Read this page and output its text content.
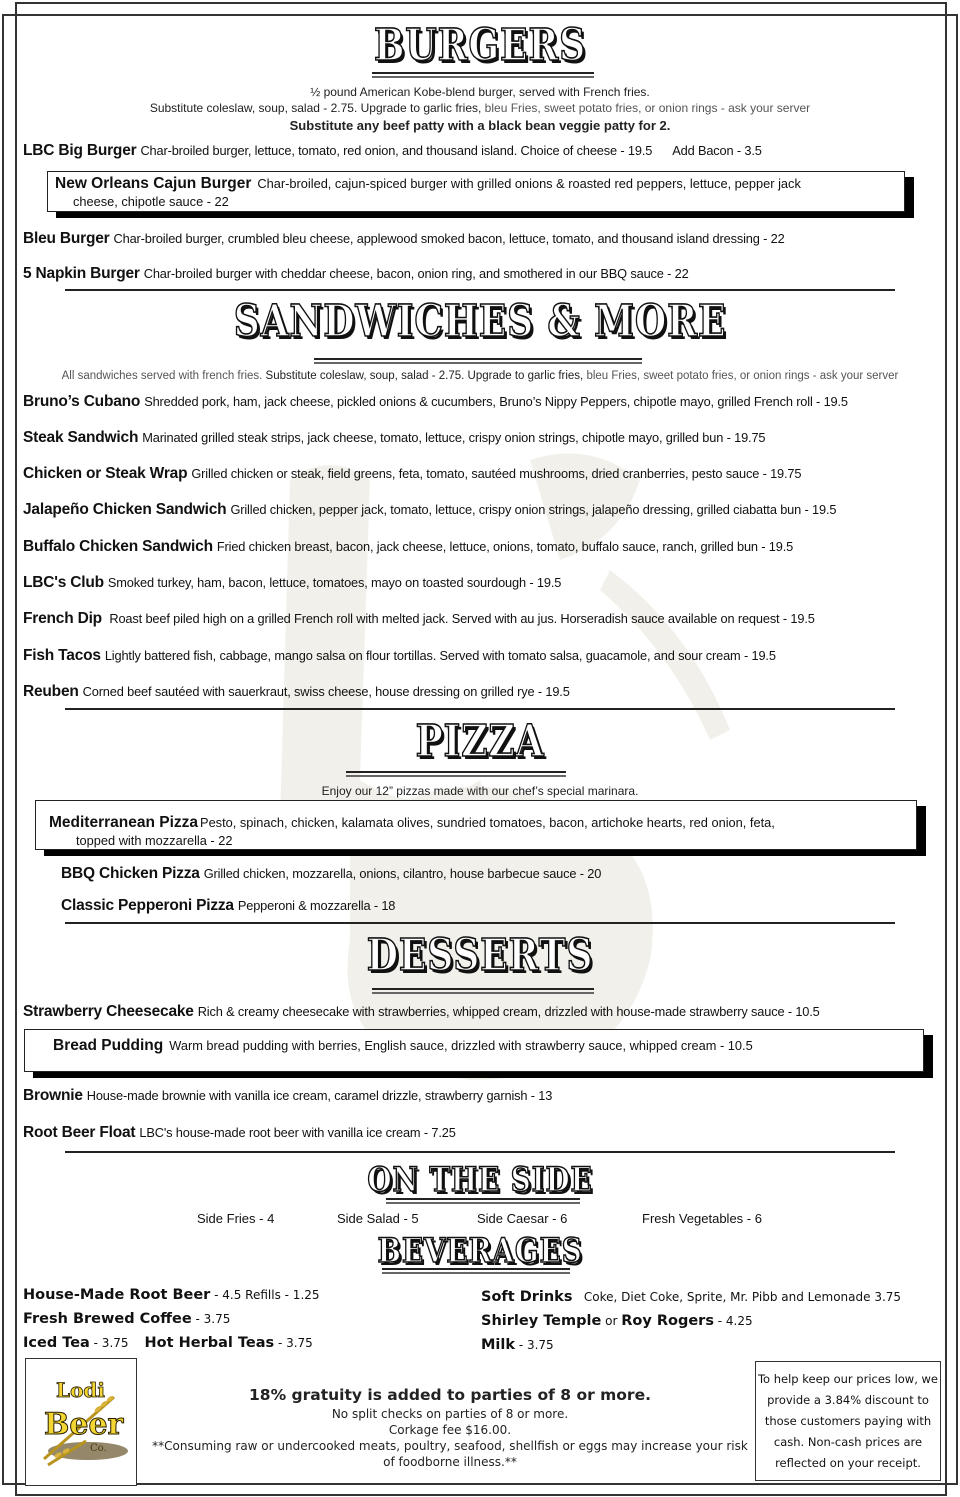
BURGERS
½ pound American Kobe-blend burger, served with French fries.
Substitute coleslaw, soup, salad - 2.75. Upgrade to garlic fries, bleu Fries, sweet potato fries, or onion rings - ask your server
Substitute any beef patty with a black bean veggie patty for 2.
LBC Big Burger Char-broiled burger, lettuce, tomato, red onion, and thousand island. Choice of cheese - 19.5 Add Bacon - 3.5
New Orleans Cajun Burger Char-broiled, cajun-spiced burger with grilled onions & roasted red peppers, lettuce, pepper jack
cheese, chipotle sauce - 22
Bleu Burger Char-broiled burger, crumbled bleu cheese, applewood smoked bacon, lettuce, tomato, and thousand island dressing - 22
5 Napkin Burger Char-broiled burger with cheddar cheese, bacon, onion ring, and smothered in our BBQ sauce - 22
SANDWICHES & MORE
All sandwiches served with french fries. Substitute coleslaw, soup, salad - 2.75. Upgrade to garlic fries, bleu Fries, sweet potato fries, or onion rings - ask your server
Bruno’s Cubano Shredded pork, ham, jack cheese, pickled onions & cucumbers, Bruno’s Nippy Peppers, chipotle mayo, grilled French roll - 19.5
Steak Sandwich Marinated grilled steak strips, jack cheese, tomato, lettuce, crispy onion strings, chipotle mayo, grilled bun - 19.75
Chicken or Steak Wrap Grilled chicken or steak, field greens, feta, tomato, sautéed mushrooms, dried cranberries, pesto sauce - 19.75
Jalapeño Chicken Sandwich Grilled chicken, pepper jack, tomato, lettuce, crispy onion strings, jalapeño dressing, grilled ciabatta bun - 19.5
Buffalo Chicken Sandwich Fried chicken breast, bacon, jack cheese, lettuce, onions, tomato, buffalo sauce, ranch, grilled bun - 19.5
LBC's Club Smoked turkey, ham, bacon, lettuce, tomatoes, mayo on toasted sourdough - 19.5
French Dip Roast beef piled high on a grilled French roll with melted jack. Served with au jus. Horseradish sauce available on request - 19.5
Fish Tacos Lightly battered fish, cabbage, mango salsa on flour tortillas. Served with tomato salsa, guacamole, and sour cream - 19.5
Reuben Corned beef sautéed with sauerkraut, swiss cheese, house dressing on grilled rye - 19.5
PIZZA
Enjoy our 12” pizzas made with our chef’s special marinara.
Mediterranean Pizza Pesto, spinach, chicken, kalamata olives, sundried tomatoes, bacon, artichoke hearts, red onion, feta,
topped with mozzarella - 22
BBQ Chicken Pizza Grilled chicken, mozzarella, onions, cilantro, house barbecue sauce - 20
Classic Pepperoni Pizza Pepperoni & mozzarella - 18
DESSERTS
Strawberry Cheesecake Rich & creamy cheesecake with strawberries, whipped cream, drizzled with house-made strawberry sauce - 10.5
Bread Pudding Warm bread pudding with berries, English sauce, drizzled with strawberry sauce, whipped cream - 10.5
Brownie House-made brownie with vanilla ice cream, caramel drizzle, strawberry garnish - 13
Root Beer Float LBC's house-made root beer with vanilla ice cream - 7.25
ON THE SIDE
Side Fries - 4	Side Salad - 5	Side Caesar - 6	Fresh Vegetables - 6
BEVERAGES
House-Made Root Beer - 4.5 Refills - 1.25
Fresh Brewed Coffee - 3.75
Iced Tea - 3.75 Hot Herbal Teas - 3.75
Soft Drinks   Coke, Diet Coke, Sprite, Mr. Pibb and Lemonade 3.75
Shirley Temple or Roy Rogers - 4.25
Milk - 3.75
Lodi
Beer
Co.
18% gratuity is added to parties of 8 or more.
No split checks on parties of 8 or more.
Corkage fee $16.00.
**Consuming raw or undercooked meats, poultry, seafood, shellfish or eggs may increase your risk
of foodborne illness.**
To help keep our prices low, we
provide a 3.84% discount to
those customers paying with
cash. Non-cash prices are
reflected on your receipt.
